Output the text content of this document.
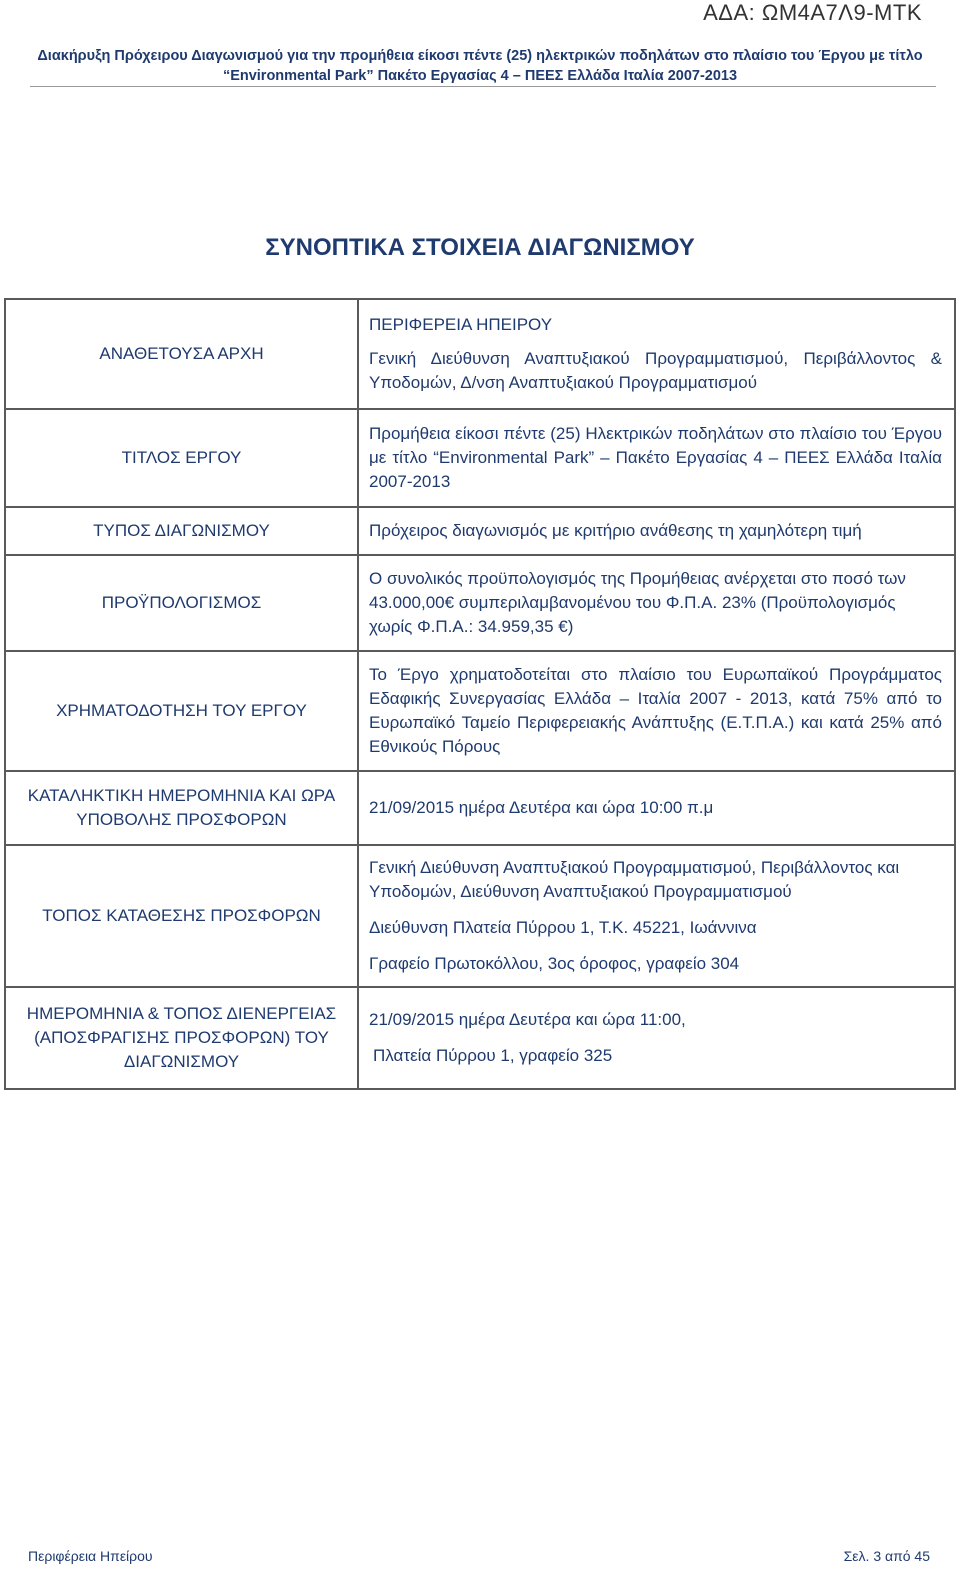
ΑΔΑ: ΩΜ4Α7Λ9-ΜΤΚ
Διακήρυξη Πρόχειρου Διαγωνισμού για την προμήθεια είκοσι πέντε (25) ηλεκτρικών ποδηλάτων στο πλαίσιο του Έργου με τίτλο
“Environmental Park” Πακέτο Εργασίας 4 – ΠΕΕΣ Ελλάδα Ιταλία 2007-2013
ΣΥΝΟΠΤΙΚΑ ΣΤΟΙΧΕΙΑ ΔΙΑΓΩΝΙΣΜΟΥ
ΑΝΑΘΕΤΟΥΣΑ ΑΡΧΗ	ΠΕΡΙΦΕΡΕΙΑ ΗΠΕΙΡΟΥ

Γενική Διεύθυνση Αναπτυξιακού Προγραμματισμού, Περιβάλλοντος & Υποδομών, Δ/νση Αναπτυξιακού Προγραμματισμού

ΤΙΤΛΟΣ ΕΡΓΟΥ	Προμήθεια είκοσι πέντε (25) Ηλεκτρικών ποδηλάτων στο πλαίσιο του Έργου με τίτλο “Environmental Park” – Πακέτο Εργασίας 4 – ΠΕΕΣ Ελλάδα Ιταλία 2007-2013

ΤΥΠΟΣ ΔΙΑΓΩΝΙΣΜΟΥ	Πρόχειρος διαγωνισμός με κριτήριο ανάθεσης τη χαμηλότερη τιμή

ΠΡΟΫΠΟΛΟΓΙΣΜΟΣ	Ο συνολικός προϋπολογισμός της Προμήθειας ανέρχεται στο ποσό των 43.000,00€ συμπεριλαμβανομένου του Φ.Π.Α. 23% (Προϋπολογισμός χωρίς Φ.Π.Α.: 34.959,35 €)

ΧΡΗΜΑΤΟΔΟΤΗΣΗ ΤΟΥ ΕΡΓΟΥ	Το Έργο χρηματοδοτείται στο πλαίσιο του Ευρωπαϊκού Προγράμματος Εδαφικής Συνεργασίας Ελλάδα – Ιταλία 2007 - 2013, κατά 75% από το Ευρωπαϊκό Ταμείο Περιφερειακής Ανάπτυξης (Ε.Τ.Π.Α.) και κατά 25% από Εθνικούς Πόρους

ΚΑΤΑΛΗΚΤΙΚΗ ΗΜΕΡΟΜΗΝΙΑ ΚΑΙ ΩΡΑ ΥΠΟΒΟΛΗΣ ΠΡΟΣΦΟΡΩΝ	21/09/2015 ημέρα Δευτέρα και ώρα 10:00 π.μ

ΤΟΠΟΣ ΚΑΤΑΘΕΣΗΣ ΠΡΟΣΦΟΡΩΝ	Γενική Διεύθυνση Αναπτυξιακού Προγραμματισμού, Περιβάλλοντος και Υποδομών, Διεύθυνση Αναπτυξιακού Προγραμματισμού

Διεύθυνση Πλατεία Πύρρου 1, Τ.Κ. 45221, Ιωάννινα

Γραφείο Πρωτοκόλλου, 3ος όροφος, γραφείο 304

ΗΜΕΡΟΜΗΝΙΑ & ΤΟΠΟΣ ΔΙΕΝΕΡΓΕΙΑΣ (ΑΠΟΣΦΡΑΓΙΣΗΣ ΠΡΟΣΦΟΡΩΝ) ΤΟΥ ΔΙΑΓΩΝΙΣΜΟΥ	21/09/2015 ημέρα Δευτέρα και ώρα 11:00,

Πλατεία Πύρρου 1, γραφείο 325

Περιφέρεια Ηπείρου	Σελ. 3 από 45
